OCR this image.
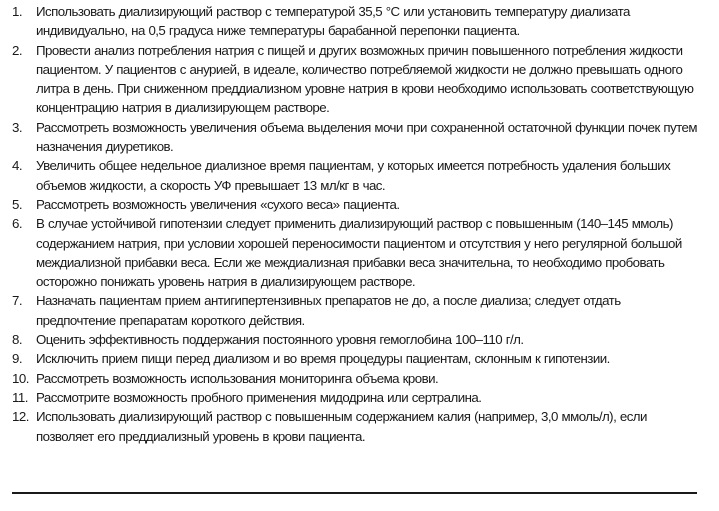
1.	Использовать диализирующий раствор с температурой 35,5 °С или установить температуру диализата индивидуально, на 0,5 градуса ниже температуры барабанной перепонки пациента.
2.	Провести анализ потребления натрия с пищей и других возможных причин повышенного потребления жидкости пациентом. У пациентов с анурией, в идеале, количество потребляемой жидкости не должно превышать одного литра в день. При сниженном преддиализном уровне натрия в крови необходимо использовать соответствующую концентрацию натрия в диализирующем растворе.
3.	Рассмотреть возможность увеличения объема выделения мочи при сохраненной остаточной функции почек путем назначения диуретиков.
4.	Увеличить общее недельное диализное время пациентам, у которых имеется потребность удаления больших объемов жидкости, а скорость УФ превышает 13 мл/кг в час.
5.	Рассмотреть возможность увеличения «сухого веса» пациента.
6.	В случае устойчивой гипотензии следует применить диализирующий раствор с повышенным (140–145 ммоль) содержанием натрия, при условии хорошей переносимости пациентом и отсутствия у него регулярной большой междиализной прибавки веса. Если же междиализная прибавки веса значительна, то необходимо пробовать осторожно понижать уровень натрия в диализирующем растворе.
7.	Назначать пациентам прием антигипертензивных препаратов не до, а после диализа; следует отдать предпочтение препаратам короткого действия.
8.	Оценить эффективность поддержания постоянного уровня гемоглобина 100–110 г/л.
9.	Исключить прием пищи перед диализом и во время процедуры пациентам, склонным к гипотензии.
10. Рассмотреть возможность использования мониторинга объема крови.
11. Рассмотрите возможность пробного применения мидодрина или сертралина.
12. Использовать диализирующий раствор с повышенным содержанием калия (например, 3,0 ммоль/л), если позволяет его преддиализный уровень в крови пациента.
